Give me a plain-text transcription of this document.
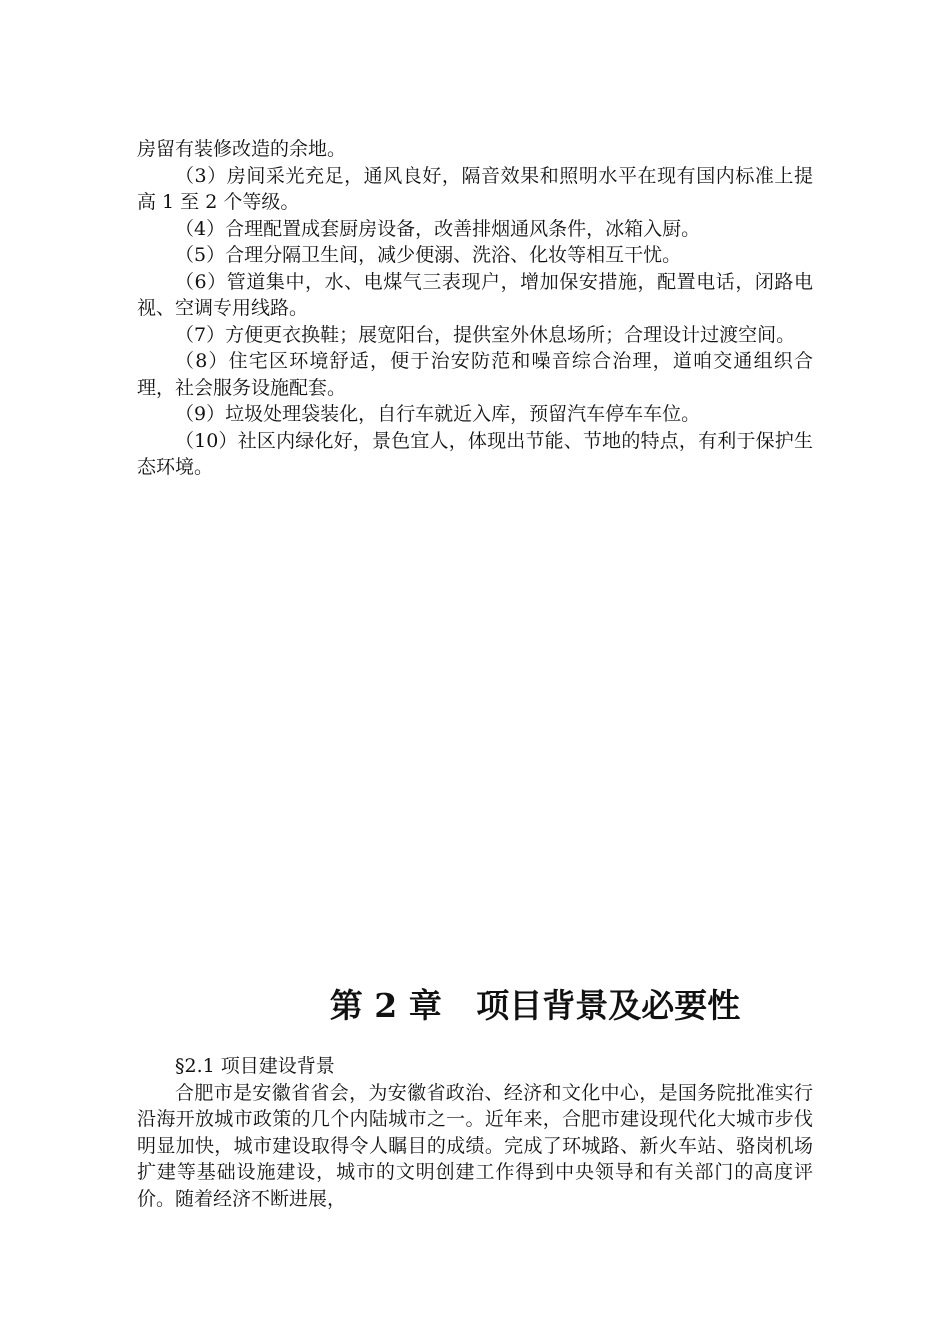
房留有装修改造的余地。

（3）房间采光充足，通风良好，隔音效果和照明水平在现有国内标准上提高 1 至 2 个等级。

（4）合理配置成套厨房设备，改善排烟通风条件，冰箱入厨。

（5）合理分隔卫生间，减少便溺、洗浴、化妆等相互干忧。

（6）管道集中，水、电煤气三表现户，增加保安措施，配置电话，闭路电视、空调专用线路。

（7）方便更衣换鞋；展宽阳台，提供室外休息场所；合理设计过渡空间。

（8）住宅区环境舒适，便于治安防范和噪音综合治理，道咱交通组织合理，社会服务设施配套。

（9）垃圾处理袋装化，自行车就近入库，预留汽车停车车位。

（10）社区内绿化好，景色宜人，体现出节能、节地的特点，有利于保护生态环境。

第 2 章   项目背景及必要性

§2.1 项目建设背景

合肥市是安徽省省会，为安徽省政治、经济和文化中心，是国务院批准实行沿海开放城市政策的几个内陆城市之一。近年来，合肥市建设现代化大城市步伐明显加快，城市建设取得令人瞩目的成绩。完成了环城路、新火车站、骆岗机场扩建等基础设施建设，城市的文明创建工作得到中央领导和有关部门的高度评价。随着经济不断进展，
